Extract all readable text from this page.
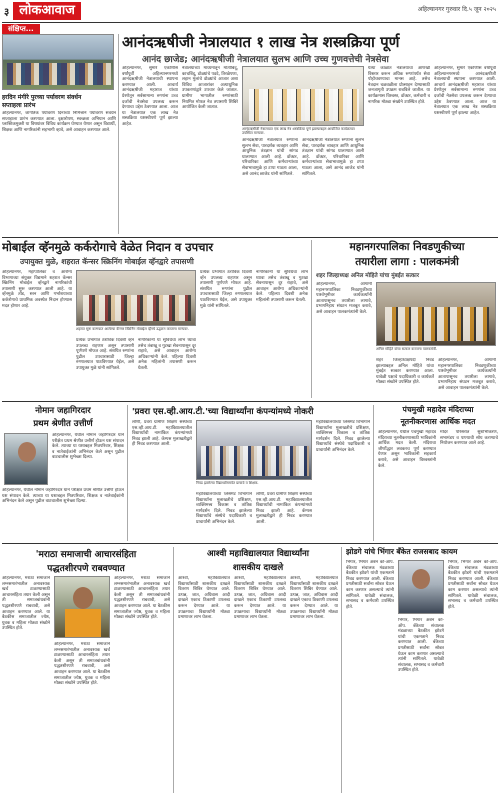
३ लोकआवाज	अहिल्यानगर गुरुवार दि.५ जून २०२५
संक्षिप्त...
हरदिन मंगीरे पुरच्या पर्यावरण संवर्धन
सप्ताहला प्रारंभ
अहिल्यानगर, जागतिक पर्यावरण दिनाच्या निमित्ताने पर्यावरण संवर्धन सप्ताहाला प्रारंभ करण्यात आला. वृक्षारोपण, स्वच्छता अभियान आणि प्लास्टिकमुक्ती या विषयांवर विविध कार्यक्रम घेण्यात येणार असून विद्यार्थी, शिक्षक आणि नागरिकांनी सहभागी व्हावे, असे आवाहन करण्यात आले.
आनंदऋषीजी नेत्रालयात १ लाख नेत्र शस्त्रक्रिया पूर्ण
आनंद छाजेड; आनंदऋषीजी नेत्रालयात सुलभ आणि उच्च गुणवत्तेची नेत्रसेवा
अहिल्यानगर, सुमारे एकोणीस वर्षांपूर्वी अहिल्यानगरमध्ये आनंदऋषीजी नेत्रालयाची स्थापना करण्यात आली. आचार्य आनंदऋषीजी महाराज यांच्या प्रेरणेतून सर्वसामान्य रुग्णांना उच्च दर्जाची नेत्रसेवा उपलब्ध करून देण्याचा उद्देश ठेवण्यात आला. आज या नेत्रालयात एक लाख नेत्र शस्त्रक्रिया यशस्वीपणे पूर्ण झाल्या आहेत.
नेत्रालयाच्या माध्यमातून मोतीबिंदू, काचबिंदू, डोळ्यांचे पडदे, तिरळेपणा, लहान मुलांचे डोळ्यांचे आजार अशा विविध आजारांवर अत्याधुनिक उपकरणांद्वारे उपचार केले जातात. ग्रामीण भागातील रुग्णांसाठी नियमित मोफत नेत्र तपासणी शिबिरे आयोजित केली जातात.
आनंदऋषीजी नेत्रालयात एक लाख नेत्र शस्त्रक्रिया पूर्ण झाल्याबद्दल आयोजित कार्यक्रमात उपस्थित मान्यवर.
आनंदऋषीजी नेत्रालयात रुग्णांना सुलभ सेवा, पारदर्शक व्यवहार आणि आधुनिक तंत्रज्ञान यांची सांगड घालण्यात आली आहे. डॉक्टर, परिचारिका आणि कर्मचाऱ्यांच्या सेवाभावामुळे हा टप्पा गाठता आला, असे आनंद छाजेड यांनी सांगितले.
आनंदऋषीजी नेत्रालयात रुग्णांना सुलभ सेवा, पारदर्शक व्यवहार आणि आधुनिक तंत्रज्ञान यांची सांगड घालण्यात आली आहे. डॉक्टर, परिचारिका आणि कर्मचाऱ्यांच्या सेवाभावामुळे हा टप्पा गाठता आला, असे आनंद छाजेड यांनी सांगितले.
येत्या काळात नेत्रालयाचा आणखी विस्तार करून अधिक रुग्णांपर्यंत सेवा पोहोचवण्याचा मानस आहे. तसेच नेत्रदान चळवळीला प्रोत्साहन देण्यासाठी जनजागृती उपक्रम राबविले जातील. या कार्यक्रमास विश्वस्त, डॉक्टर, कर्मचारी व नागरिक मोठ्या संख्येने उपस्थित होते.
अहिल्यानगर, सुमारे एकोणीस वर्षांपूर्वी अहिल्यानगरमध्ये आनंदऋषीजी नेत्रालयाची स्थापना करण्यात आली. आचार्य आनंदऋषीजी महाराज यांच्या प्रेरणेतून सर्वसामान्य रुग्णांना उच्च दर्जाची नेत्रसेवा उपलब्ध करून देण्याचा उद्देश ठेवण्यात आला. आज या नेत्रालयात एक लाख नेत्र शस्त्रक्रिया यशस्वीपणे पूर्ण झाल्या आहेत.
मोबाईल व्हॅनमुळे कर्करोगाचे वेळेत निदान व उपचार
उपायुक्त मुळे, शहरात कॅन्सर स्क्रिनिंग मोबाईल व्हॅनद्वारे तपासणी
अहिल्यानगर, महापालिका व आरोग्य विभागाच्या संयुक्त विद्यमाने शहरात कॅन्सर स्क्रिनिंग मोबाईल व्हॅनद्वारे नागरिकांची तपासणी सुरू करण्यात आली आहे. या व्हॅनमुळे तोंड, स्तन आणि गर्भाशयाच्या कर्करोगाचे प्राथमिक अवस्थेत निदान होण्यास मदत होणार आहे.
शहरात सुरू करण्यात आलेल्या कॅन्सर स्क्रिनिंग मोबाईल व्हॅनचे उद्घाटन करताना मान्यवर.
प्रत्येक प्रभागात ठराविक दिवशी व्हॅन उपलब्ध राहणार असून तपासणी पूर्णपणे मोफत आहे. संशयित रुग्णांना पुढील उपचारासाठी जिल्हा रुग्णालयात पाठविण्यात येईल, असे उपायुक्त मुळे यांनी सांगितले.
नागरिकांनी या सुविधेचा लाभ घ्यावा तसेच तंबाखू व गुटखा सेवनापासून दूर राहावे, असे आवाहन आरोग्य अधिकाऱ्यांनी केले. पहिल्या दिवशी अनेक महिलांनी तपासणी करून घेतली.
प्रत्येक प्रभागात ठराविक दिवशी व्हॅन उपलब्ध राहणार असून तपासणी पूर्णपणे मोफत आहे. संशयित रुग्णांना पुढील उपचारासाठी जिल्हा रुग्णालयात पाठविण्यात येईल, असे उपायुक्त मुळे यांनी सांगितले.
नागरिकांनी या सुविधेचा लाभ घ्यावा तसेच तंबाखू व गुटखा सेवनापासून दूर राहावे, असे आवाहन आरोग्य अधिकाऱ्यांनी केले. पहिल्या दिवशी अनेक महिलांनी तपासणी करून घेतली.
महानगरपालिका निवडणुकीच्या
तयारीला लागा : पालकमंत्री
शहर जिल्हाध्यक्ष अनिल मोहिते यांचा मुंबईत सत्कार
अहिल्यानगर, आगामी महानगरपालिका निवडणुकीच्या पार्श्वभूमीवर कार्यकर्त्यांनी आतापासूनच तयारीला लागावे, प्रभागनिहाय संघटन मजबूत करावे, असे आवाहन पालकमंत्र्यांनी केले.
अनिल मोहिते यांचा सत्कार करताना पालकमंत्री.
शहर जिल्हाध्यक्षपदी निवड झाल्याबद्दल अनिल मोहिते यांचा मुंबईत सत्कार करण्यात आला. यावेळी पक्षाचे पदाधिकारी व कार्यकर्ते मोठ्या संख्येने उपस्थित होते.
अहिल्यानगर, आगामी महानगरपालिका निवडणुकीच्या पार्श्वभूमीवर कार्यकर्त्यांनी आतापासूनच तयारीला लागावे, प्रभागनिहाय संघटन मजबूत करावे, असे आवाहन पालकमंत्र्यांनी केले.
नोमान जहागिरदार
प्रथम श्रेणीत उत्तीर्ण
अहिल्यानगर, येथील नोमान जहागिरदार याने परीक्षेत प्रथम श्रेणीत उत्तीर्ण होऊन यश संपादन केले. त्याच्या या यशाबद्दल मित्रपरिवार, शिक्षक व नातेवाईकांनी अभिनंदन केले असून पुढील वाटचालीस शुभेच्छा दिल्या.
अहिल्यानगर, येथील नोमान जहागिरदार याने परीक्षेत प्रथम श्रेणीत उत्तीर्ण होऊन यश संपादन केले. त्याच्या या यशाबद्दल मित्रपरिवार, शिक्षक व नातेवाईकांनी अभिनंदन केले असून पुढील वाटचालीस शुभेच्छा दिल्या.
'प्रवरा एस.व्ही.आय.टी.'च्या विद्यार्थ्यांना कंपन्यांमध्ये नोकरी
लोणी, प्रवरा ग्रामीण शिक्षण संस्थेच्या एस.व्ही.आय.टी. महाविद्यालयातील विद्यार्थ्यांची नामांकित कंपन्यांमध्ये निवड झाली आहे. कॅम्पस मुलाखतीद्वारे ही निवड करण्यात आली.
निवड झालेल्या विद्यार्थ्यांसमवेत प्राचार्य व शिक्षक.
महाविद्यालयाच्या प्लेसमेंट विभागाने विद्यार्थ्यांना मुलाखतीचे प्रशिक्षण, व्यक्तिमत्त्व विकास व तांत्रिक मार्गदर्शन दिले. निवड झालेल्या विद्यार्थ्यांचे संस्थेचे पदाधिकारी व प्राचार्यांनी अभिनंदन केले.
लोणी, प्रवरा ग्रामीण शिक्षण संस्थेच्या एस.व्ही.आय.टी. महाविद्यालयातील विद्यार्थ्यांची नामांकित कंपन्यांमध्ये निवड झाली आहे. कॅम्पस मुलाखतीद्वारे ही निवड करण्यात आली.
महाविद्यालयाच्या प्लेसमेंट विभागाने विद्यार्थ्यांना मुलाखतीचे प्रशिक्षण, व्यक्तिमत्त्व विकास व तांत्रिक मार्गदर्शन दिले. निवड झालेल्या विद्यार्थ्यांचे संस्थेचे पदाधिकारी व प्राचार्यांनी अभिनंदन केले.
पंचमुखी महादेव मंदिराच्या
नूतनीकरणास आर्थिक मदत
अहिल्यानगर, येथील पंचमुखी महादेव मंदिराच्या नूतनीकरणासाठी भाविकांनी आर्थिक मदत केली. मंदिराचा जीर्णोद्धार लवकरच पूर्ण करण्यात येणार असून भाविकांनी सहकार्य करावे, असे आवाहन विश्वस्तांनी केले.
मंदिर परिसरात सुशोभीकरण, सभामंडप व पाण्याची सोय करण्याचे नियोजन करण्यात आले आहे.
'मराठा समाजाची आचारसंहिता
पद्धतशीरपणे राबवण्यात
अहिल्यानगर, मराठा समाजाने लग्नसमारंभातील अनावश्यक खर्च टाळण्यासाठी आचारसंहिता तयार केली असून ती समाजबांधवांनी पद्धतशीरपणे राबवावी, असे आवाहन करण्यात आले. या बैठकीस समाजातील ज्येष्ठ, युवक व महिला मोठ्या संख्येने उपस्थित होते.
अहिल्यानगर, मराठा समाजाने लग्नसमारंभातील अनावश्यक खर्च टाळण्यासाठी आचारसंहिता तयार केली असून ती समाजबांधवांनी पद्धतशीरपणे राबवावी, असे आवाहन करण्यात आले. या बैठकीस समाजातील ज्येष्ठ, युवक व महिला मोठ्या संख्येने उपस्थित होते.
अहिल्यानगर, मराठा समाजाने लग्नसमारंभातील अनावश्यक खर्च टाळण्यासाठी आचारसंहिता तयार केली असून ती समाजबांधवांनी पद्धतशीरपणे राबवावी, असे आवाहन करण्यात आले. या बैठकीस समाजातील ज्येष्ठ, युवक व महिला मोठ्या संख्येने उपस्थित होते.
आश्वी महाविद्यालयात विद्यार्थ्यांना
शासकीय दाखले
आश्वी, महाविद्यालयात विद्यार्थ्यांसाठी शासकीय दाखले वितरण शिबिर घेण्यात आले. उत्पन्न, जात, अधिवास आदी दाखले एकाच ठिकाणी उपलब्ध करून देण्यात आले. या उपक्रमाचा विद्यार्थ्यांनी मोठ्या प्रमाणावर लाभ घेतला.
आश्वी, महाविद्यालयात विद्यार्थ्यांसाठी शासकीय दाखले वितरण शिबिर घेण्यात आले. उत्पन्न, जात, अधिवास आदी दाखले एकाच ठिकाणी उपलब्ध करून देण्यात आले. या उपक्रमाचा विद्यार्थ्यांनी मोठ्या प्रमाणावर लाभ घेतला.
आश्वी, महाविद्यालयात विद्यार्थ्यांसाठी शासकीय दाखले वितरण शिबिर घेण्यात आले. उत्पन्न, जात, अधिवास आदी दाखले एकाच ठिकाणी उपलब्ध करून देण्यात आले. या उपक्रमाचा विद्यार्थ्यांनी मोठ्या प्रमाणावर लाभ घेतला.
झोडगे यांचे भिंगार बँकेत राजसबाद कायम
भिंगार, भिंगार अर्बन को-ऑप. बँकेच्या संचालक मंडळाच्या बैठकीत झोडगे यांची एकमताने निवड करण्यात आली. बँकेच्या प्रगतीसाठी सर्वांना सोबत घेऊन काम करणार असल्याचे त्यांनी सांगितले. यावेळी संचालक, सभासद व कर्मचारी उपस्थित होते.
भिंगार, भिंगार अर्बन को-ऑप. बँकेच्या संचालक मंडळाच्या बैठकीत झोडगे यांची एकमताने निवड करण्यात आली. बँकेच्या प्रगतीसाठी सर्वांना सोबत घेऊन काम करणार असल्याचे त्यांनी सांगितले. यावेळी संचालक, सभासद व कर्मचारी उपस्थित होते.
भिंगार, भिंगार अर्बन को-ऑप. बँकेच्या संचालक मंडळाच्या बैठकीत झोडगे यांची एकमताने निवड करण्यात आली. बँकेच्या प्रगतीसाठी सर्वांना सोबत घेऊन काम करणार असल्याचे त्यांनी सांगितले. यावेळी संचालक, सभासद व कर्मचारी उपस्थित होते.
